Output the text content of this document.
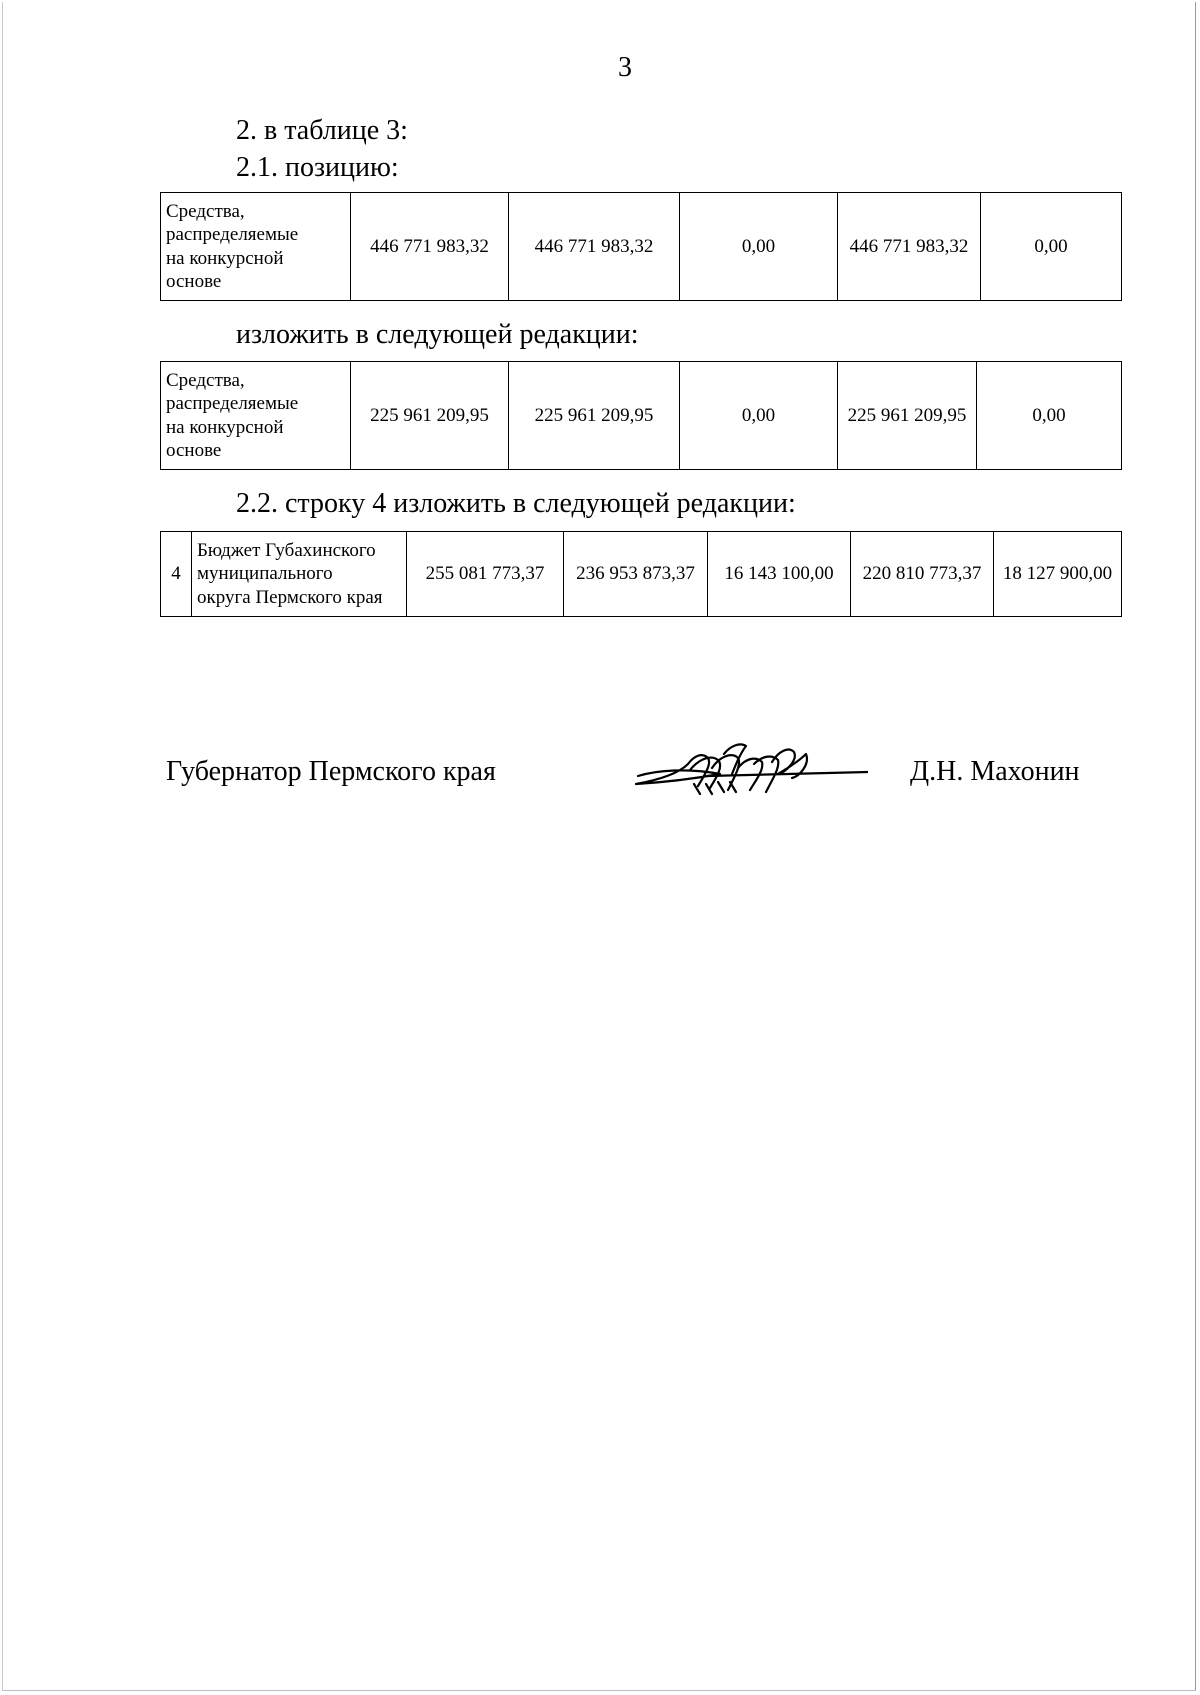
3
2. в таблице 3:
2.1. позицию:
Средства,
распределяемые
на конкурсной
основе	446 771 983,32	446 771 983,32	0,00	446 771 983,32	0,00
изложить в следующей редакции:
Средства,
распределяемые
на конкурсной
основе	225 961 209,95	225 961 209,95	0,00	225 961 209,95	0,00
2.2. строку 4 изложить в следующей редакции:
4	Бюджет Губахинского
муниципального
округа Пермского края	255 081 773,37	236 953 873,37	16 143 100,00	220 810 773,37	18 127 900,00
Губернатор Пермского края	Д.Н. Махонин
